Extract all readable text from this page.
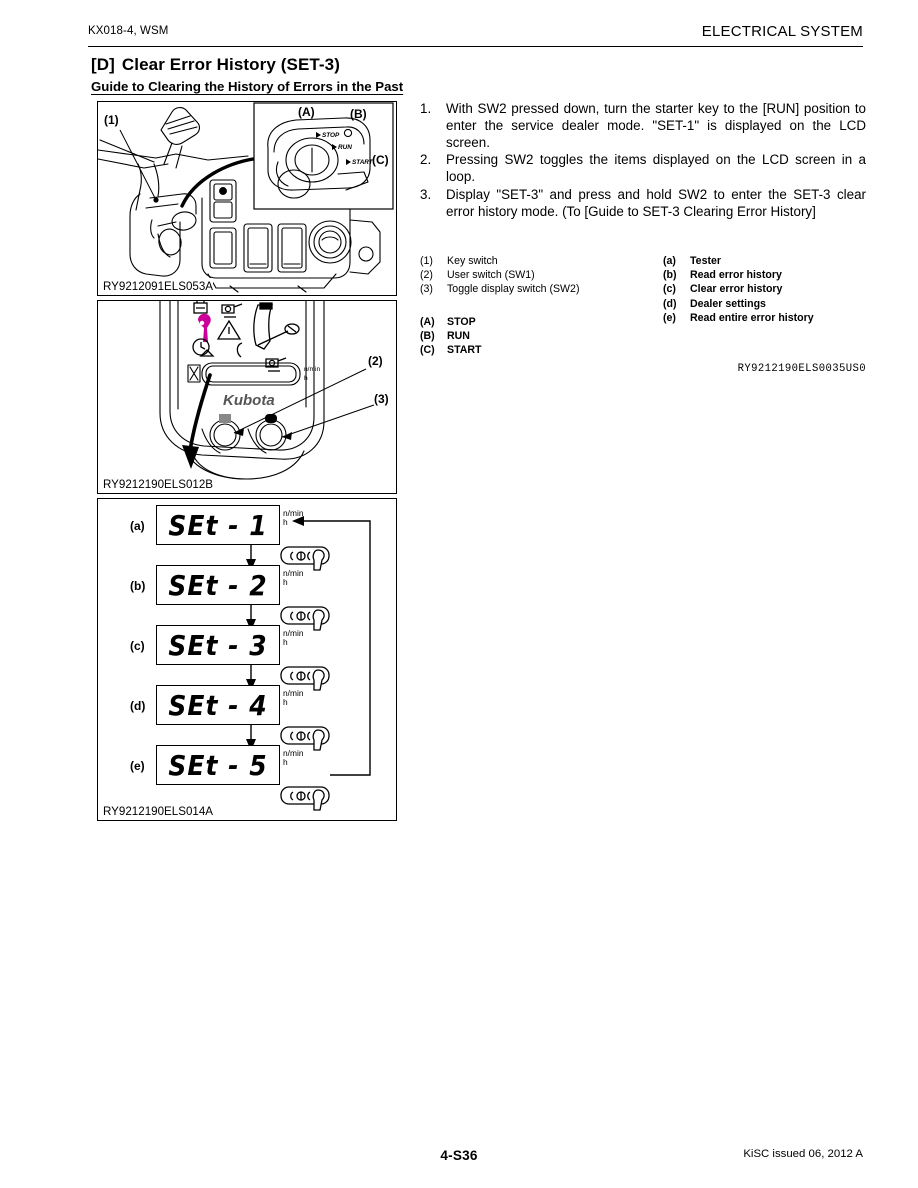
KX018-4, WSM	ELECTRICAL SYSTEM
[D] Clear Error History (SET-3)
Guide to Clearing the History of Errors in the Past
1.	With SW2 pressed down, turn the starter key to the [RUN] position to enter the service dealer mode. "SET-1" is displayed on the LCD screen.
2.	Pressing SW2 toggles the items displayed on the LCD screen in a loop.
3.	Display "SET-3" and press and hold SW2 to enter the SET-3 clear error history mode. (To [Guide to SET-3 Clearing Error History]
(1) Key switch
(2) User switch (SW1)
(3) Toggle display switch (SW2)
(A) STOP
(B) RUN
(C) START
(a) Tester
(b) Read error history
(c) Clear error history
(d) Dealer settings
(e) Read entire error history
RY9212190ELS0035US0
(1)
STOP
RUN
START
(A)	(B)
(C)
RY9212091ELS053A
n/min
h
Kubota
(2)
(3)
RY9212190ELS012B
(a) SEt - 1	n/min
h
(b) SEt - 2	n/min
h
(c) SEt - 3	n/min
h
(d) SEt - 4	n/min
h
(e) SEt - 5	n/min
h
RY9212190ELS014A
4-S36	KiSC issued 06, 2012 A
